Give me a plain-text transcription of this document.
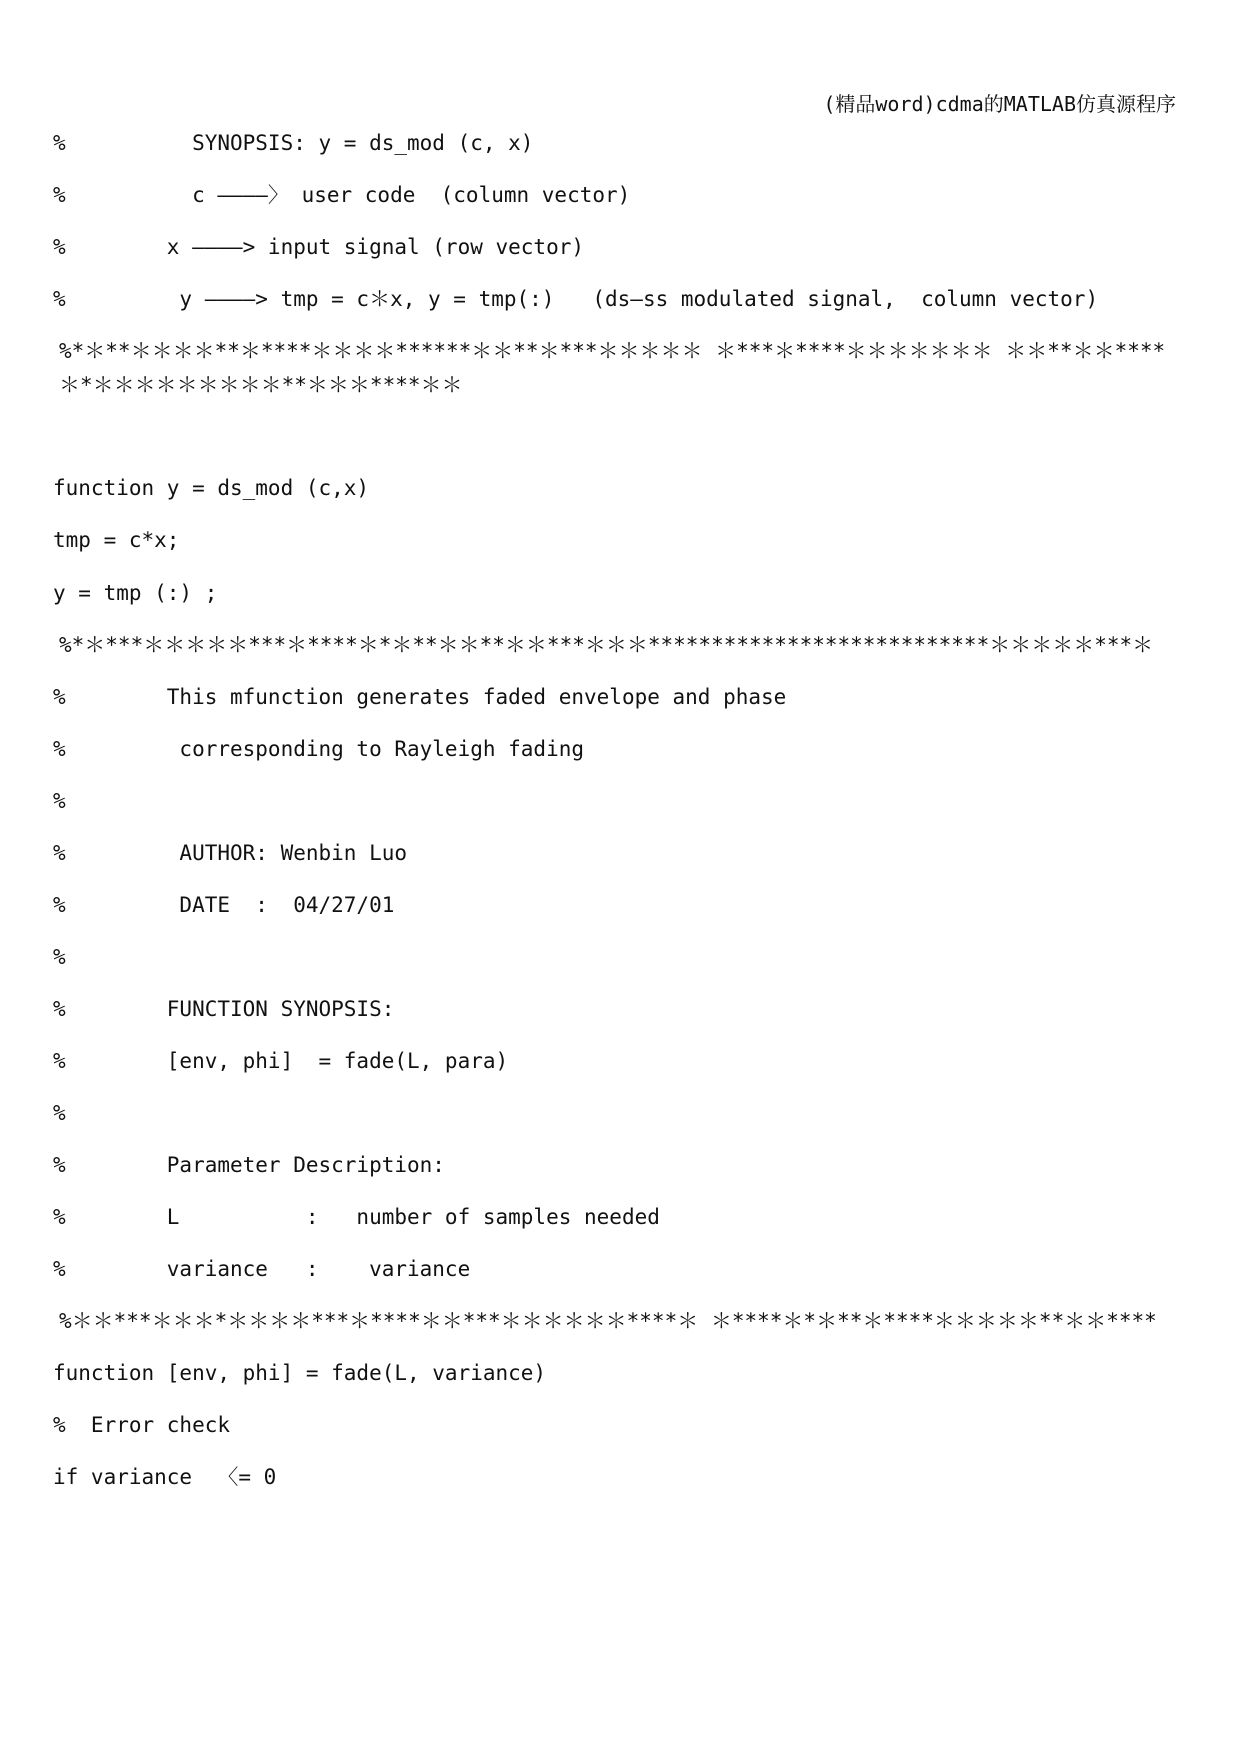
(精品word)cdma的MATLAB仿真源程序
%          SYNOPSIS: y = ds_mod (c, x)
%          c ————〉 user code  (column vector)
%        x ————> input signal (row vector)
%         y ————> tmp = c＊x, y = tmp(:)   (ds—ss modulated signal,  column vector)
%*＊**＊＊＊＊**＊****＊＊＊＊******＊＊**＊***＊＊＊＊＊ ＊***＊****＊＊＊＊＊＊＊ ＊＊**＊＊****＊*＊＊＊＊＊＊＊＊＊**＊＊＊****＊＊
function y = ds_mod (c,x)
tmp = c*x;
y = tmp (:) ;
%*＊***＊＊＊＊＊***＊****＊*＊**＊＊**＊＊***＊＊＊***************************＊＊＊＊＊***＊
%        This mfunction generates faded envelope and phase
%         corresponding to Rayleigh fading
%
%         AUTHOR: Wenbin Luo
%         DATE  :  04/27/01
%
%        FUNCTION SYNOPSIS:
%        [env, phi]  = fade(L, para)
%
%        Parameter Description:
%        L          :   number of samples needed
%        variance   :    variance
%＊＊***＊＊＊*＊＊＊＊***＊****＊＊***＊＊＊＊＊＊****＊ ＊****＊*＊**＊****＊＊＊＊＊**＊＊****
function [env, phi] = fade(L, variance)
%  Error check
if variance  〈= 0
